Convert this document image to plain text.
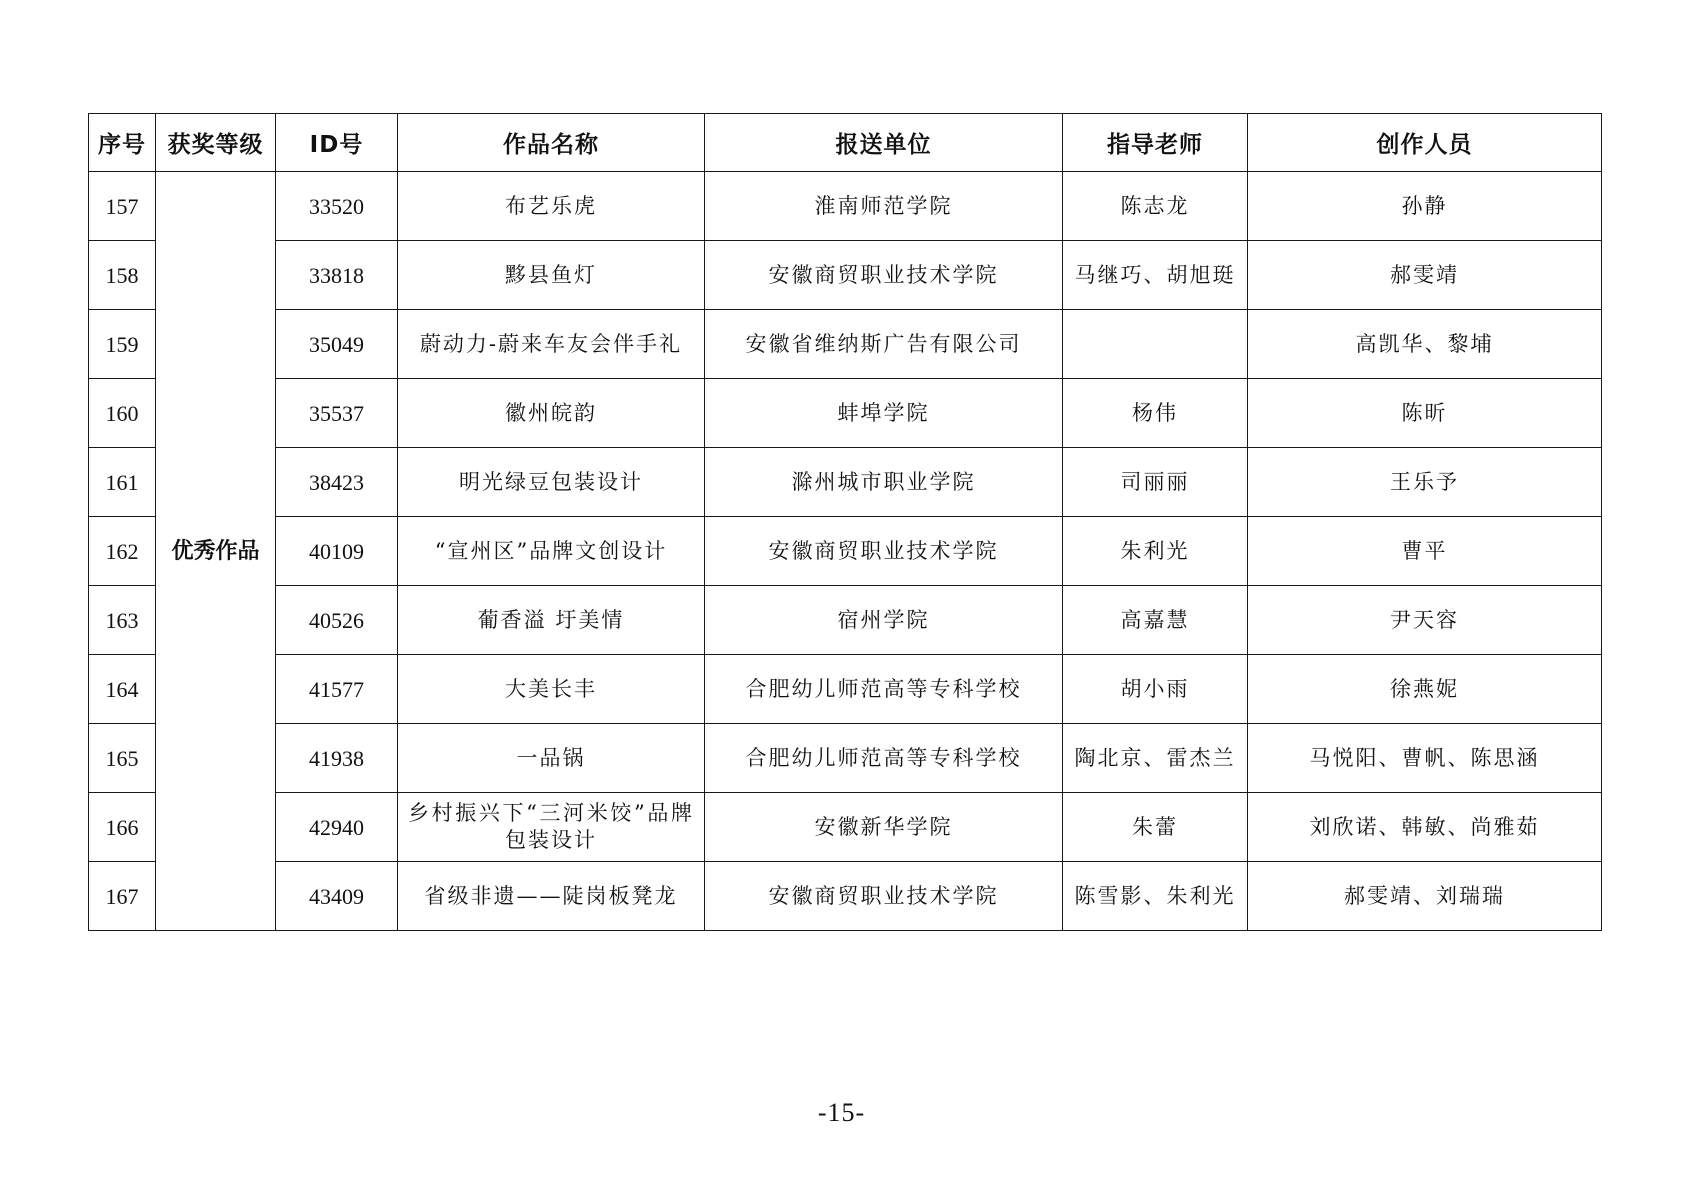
序号	获奖等级	ID号	作品名称	报送单位	指导老师	创作人员
157	优秀作品	33520	布艺乐虎	淮南师范学院	陈志龙	孙静
158		33818	黟县鱼灯	安徽商贸职业技术学院	马继巧、胡旭珽	郝雯靖
159		35049	蔚动力-蔚来车友会伴手礼	安徽省维纳斯广告有限公司		高凯华、黎埔
160		35537	徽州皖韵	蚌埠学院	杨伟	陈昕
161		38423	明光绿豆包装设计	滁州城市职业学院	司丽丽	王乐予
162		40109	“宣州区”品牌文创设计	安徽商贸职业技术学院	朱利光	曹平
163		40526	葡香溢 圩美情	宿州学院	高嘉慧	尹天容
164		41577	大美长丰	合肥幼儿师范高等专科学校	胡小雨	徐燕妮
165		41938	一品锅	合肥幼儿师范高等专科学校	陶北京、雷杰兰	马悦阳、曹帆、陈思涵
166		42940	乡村振兴下“三河米饺”品牌包装设计	安徽新华学院	朱蕾	刘欣诺、韩敏、尚雅茹
167		43409	省级非遗——陡岗板凳龙	安徽商贸职业技术学院	陈雪影、朱利光	郝雯靖、刘瑞瑞
-15-
